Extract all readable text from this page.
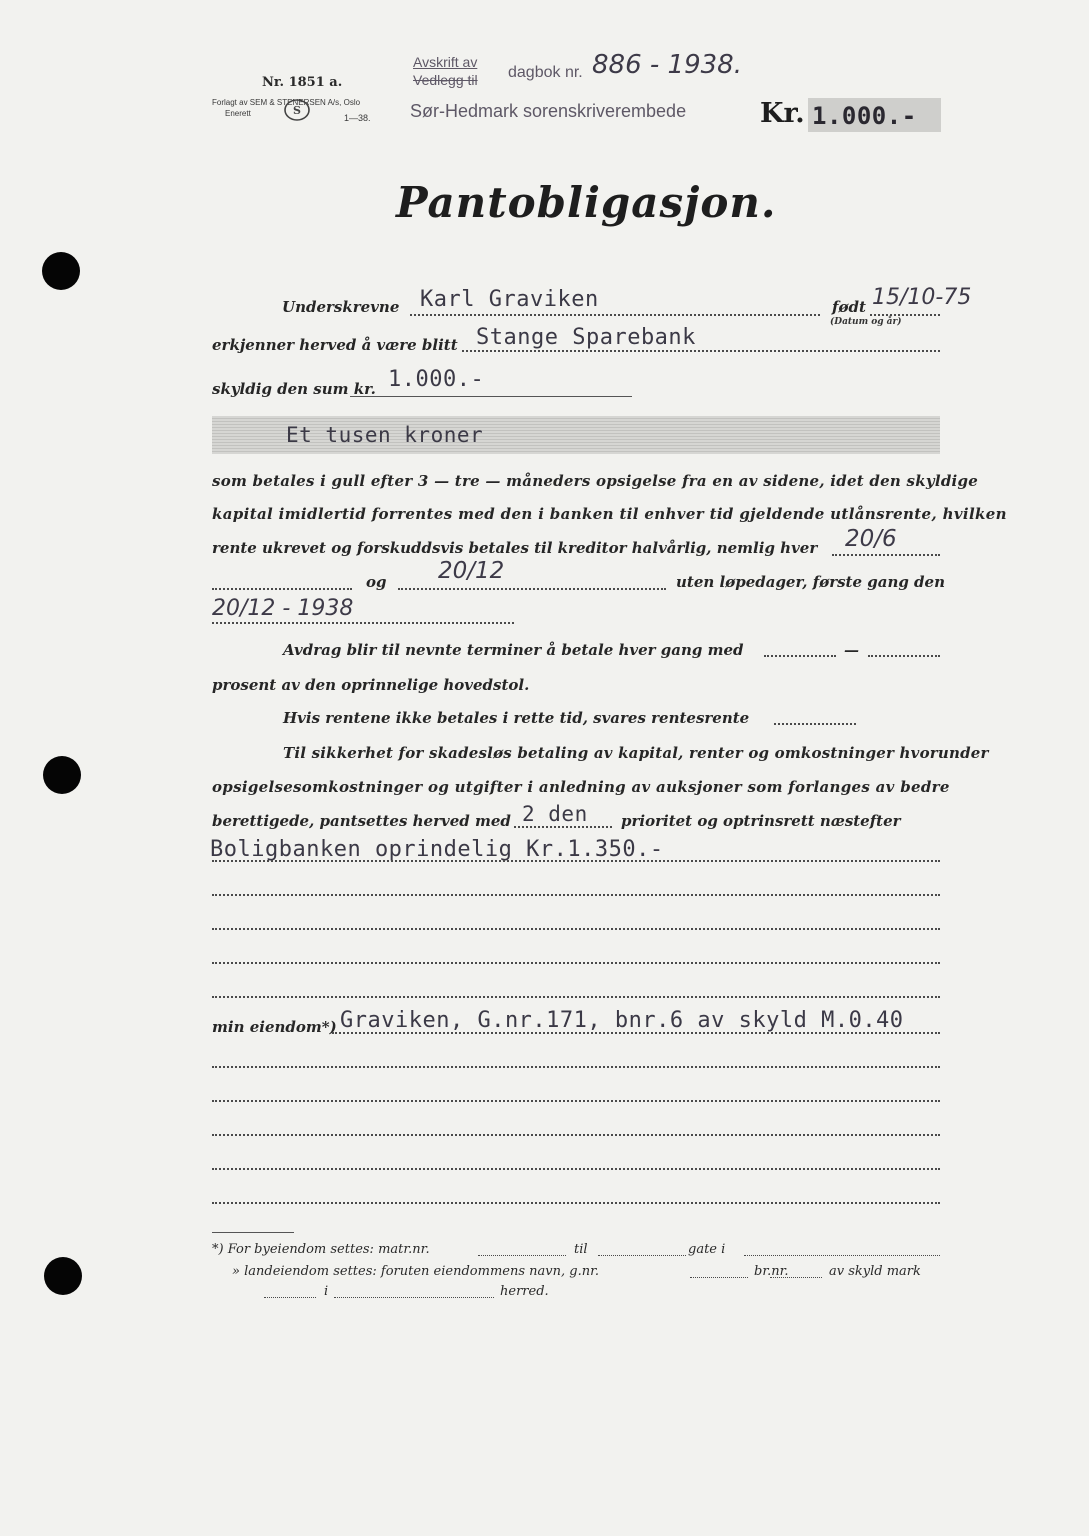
Nr. 1851 a.
Forlagt av SEM & STENERSEN A/s, Oslo
Enerett	S
1—38.
Avskrift av
Vedlegg til dagbok nr. 886 - 1938.
Sør-Hedmark sorenskriverembede	Kr. 1.000.-
Pantobligasjon.
Underskrevne Karl Graviken	født 15/10-75
(Datum og år)
erkjenner herved å være blitt Stange Sparebank
skyldig den sum kr. 1.000.-
Et tusen kroner
som betales i gull efter 3 — tre — måneders opsigelse fra en av sidene, idet den skyldige
kapital imidlertid forrentes med den i banken til enhver tid gjeldende utlånsrente, hvilken
rente ukrevet og forskuddsvis betales til kreditor halvårlig, nemlig hver 20/6
og 20/12	uten løpedager, første gang den
20/12 - 1938
Avdrag blir til nevnte terminer å betale hver gang med	—
prosent av den oprinnelige hovedstol.
Hvis rentene ikke betales i rette tid, svares rentesrente
Til sikkerhet for skadesløs betaling av kapital, renter og omkostninger hvorunder
opsigelsesomkostninger og utgifter i anledning av auksjoner som forlanges av bedre
berettigede, pantsettes herved med 2 den prioritet og optrinsrett næstefter
Boligbanken oprindelig Kr.1.350.-
min eiendom*) Graviken, G.nr.171, bnr.6 av skyld M.0.40
*) For byeiendom settes: matr.nr.	til	gate i
» landeiendom settes: foruten eiendommens navn, g.nr.	br.nr.	av skyld mark
i	herred.
